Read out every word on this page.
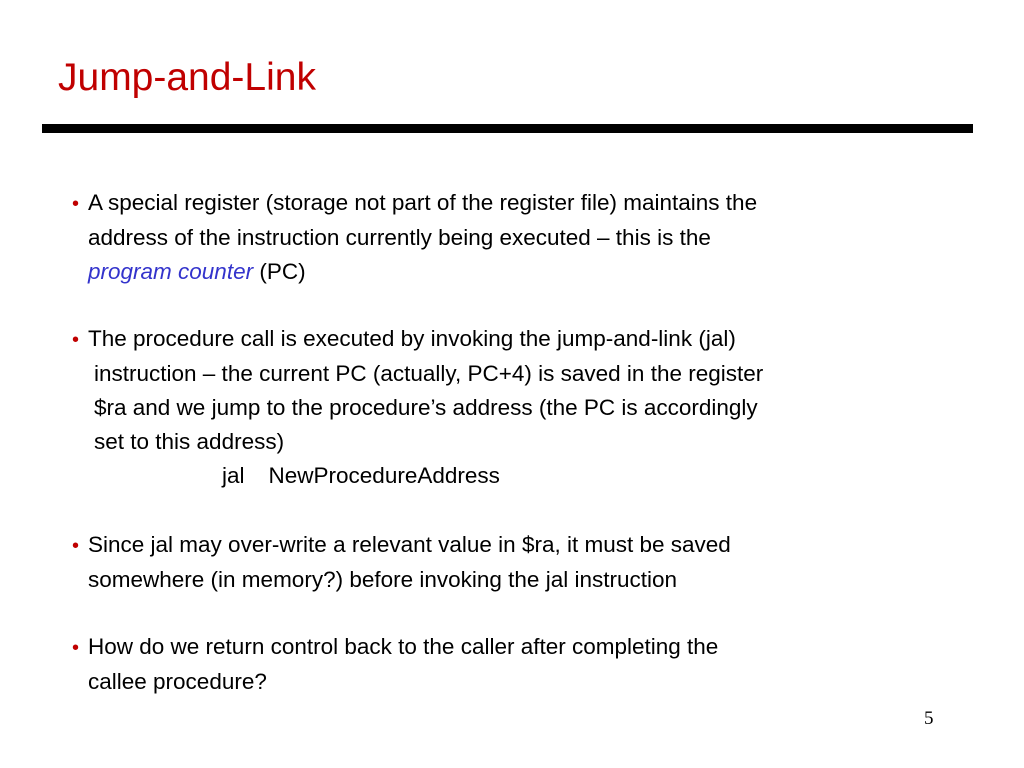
Jump-and-Link
• A special register (storage not part of the register file) maintains the
address of the instruction currently being executed – this is the
program counter (PC)
• The procedure call is executed by invoking the jump-and-link (jal)
instruction – the current PC (actually, PC+4) is saved in the register
$ra and we jump to the procedure’s address (the PC is accordingly
set to this address)
jal NewProcedureAddress
• Since jal may over-write a relevant value in $ra, it must be saved
somewhere (in memory?) before invoking the jal instruction
• How do we return control back to the caller after completing the
callee procedure?
5
